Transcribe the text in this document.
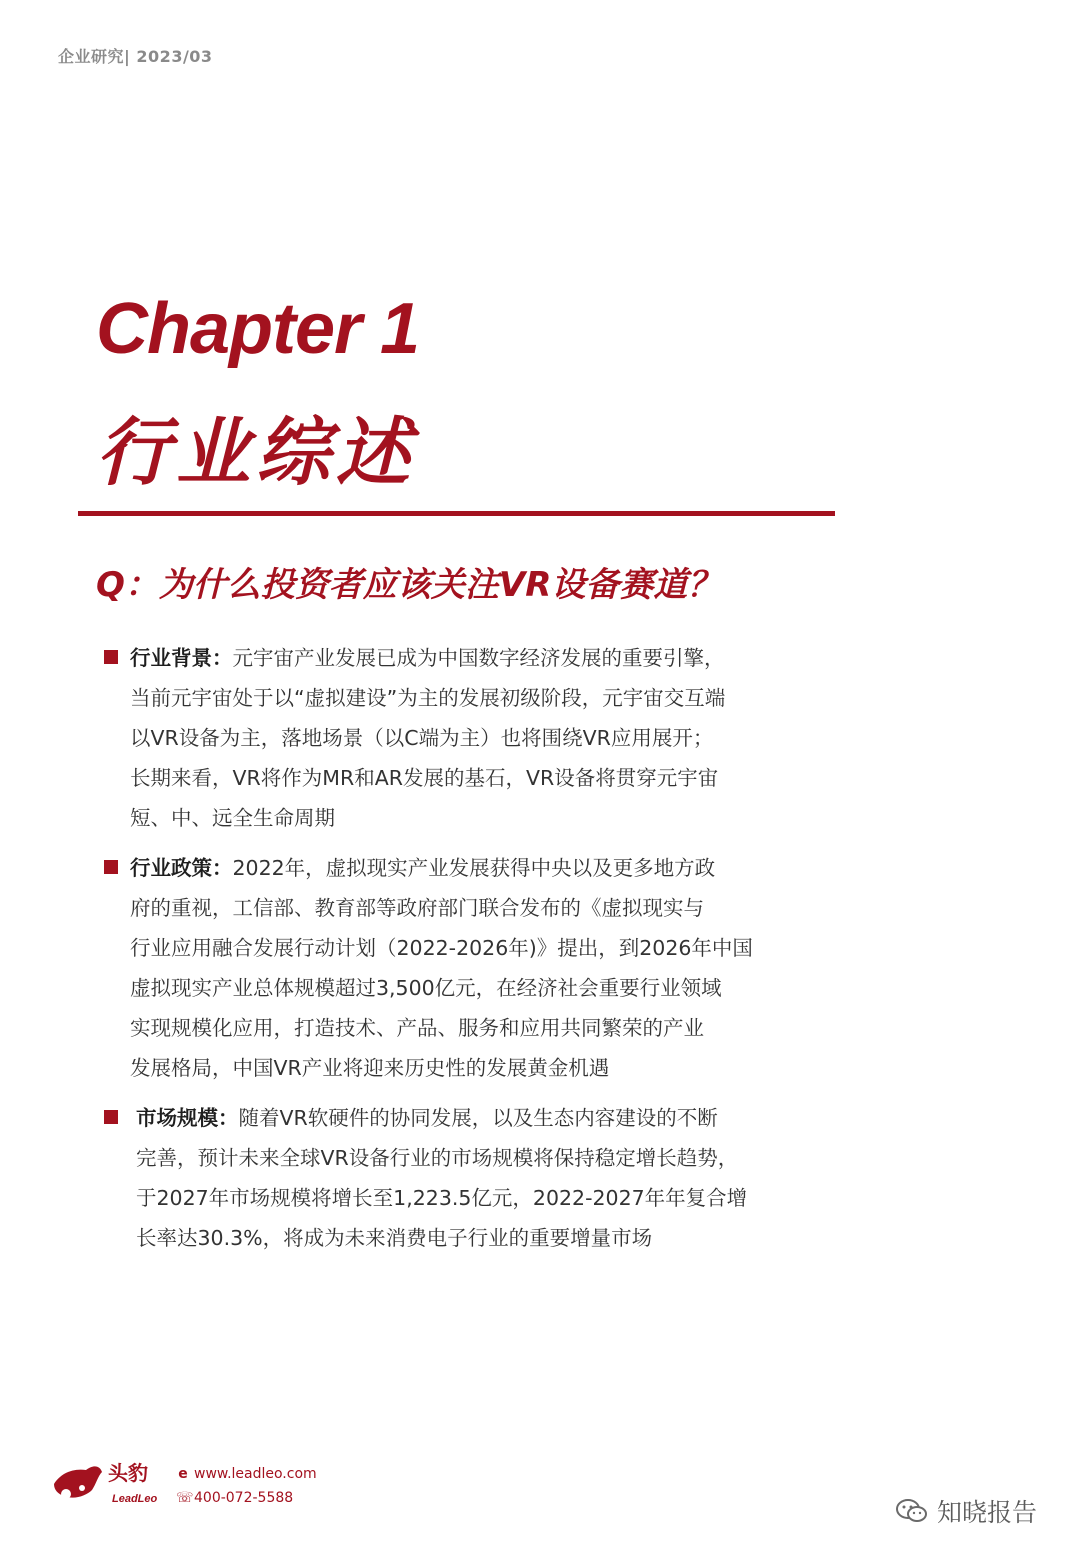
企业研究| 2023/03
Chapter 1
行业综述
Q：为什么投资者应该关注VR设备赛道？
行业背景：元宇宙产业发展已成为中国数字经济发展的重要引擎，
当前元宇宙处于以“虚拟建设”为主的发展初级阶段，元宇宙交互端
以VR设备为主，落地场景（以C端为主）也将围绕VR应用展开；
长期来看，VR将作为MR和AR发展的基石，VR设备将贯穿元宇宙
短、中、远全生命周期
行业政策：2022年，虚拟现实产业发展获得中央以及更多地方政
府的重视，工信部、教育部等政府部门联合发布的《虚拟现实与
行业应用融合发展行动计划（2022-2026年)》提出，到2026年中国
虚拟现实产业总体规模超过3,500亿元，在经济社会重要行业领域
实现规模化应用，打造技术、产品、服务和应用共同繁荣的产业
发展格局，中国VR产业将迎来历史性的发展黄金机遇
市场规模：随着VR软硬件的协同发展，以及生态内容建设的不断
完善，预计未来全球VR设备行业的市场规模将保持稳定增长趋势，
于2027年市场规模将增长至1,223.5亿元，2022-2027年年复合增
长率达30.3%，将成为未来消费电子行业的重要增量市场
头豹
LeadLeo
e www.leadleo.com
☏400-072-5588	知晓报告
